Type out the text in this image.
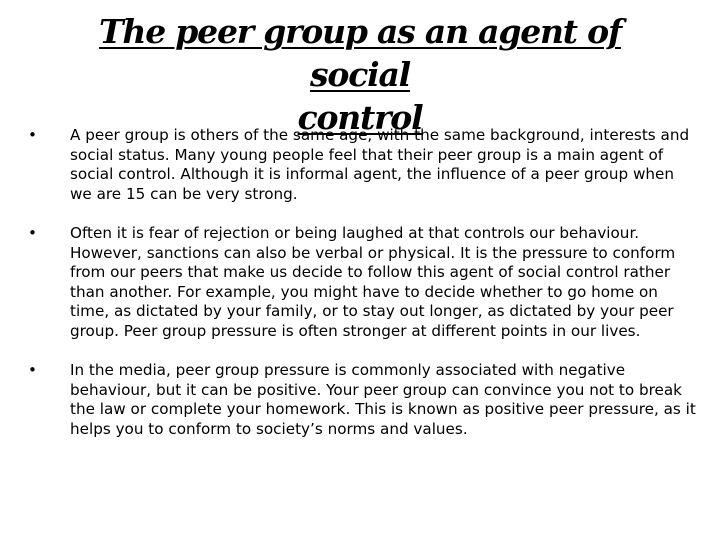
The peer group as an agent of social
control
•	A peer group is others of the same age, with the same background, interests and social status. Many young people feel that their peer group is a main agent of social control. Although it is informal agent, the influence of a peer group when we are 15 can be very strong.
•	Often it is fear of rejection or being laughed at that controls our behaviour. However, sanctions can also be verbal or physical. It is the pressure to conform from our peers that make us decide to follow this agent of social control rather than another. For example, you might have to decide whether to go home on time, as dictated by your family, or to stay out longer, as dictated by your peer group. Peer group pressure is often stronger at different points in our lives.
•	In the media, peer group pressure is commonly associated with negative behaviour, but it can be positive. Your peer group can convince you not to break the law or complete your homework. This is known as positive peer pressure, as it helps you to conform to society’s norms and values.
